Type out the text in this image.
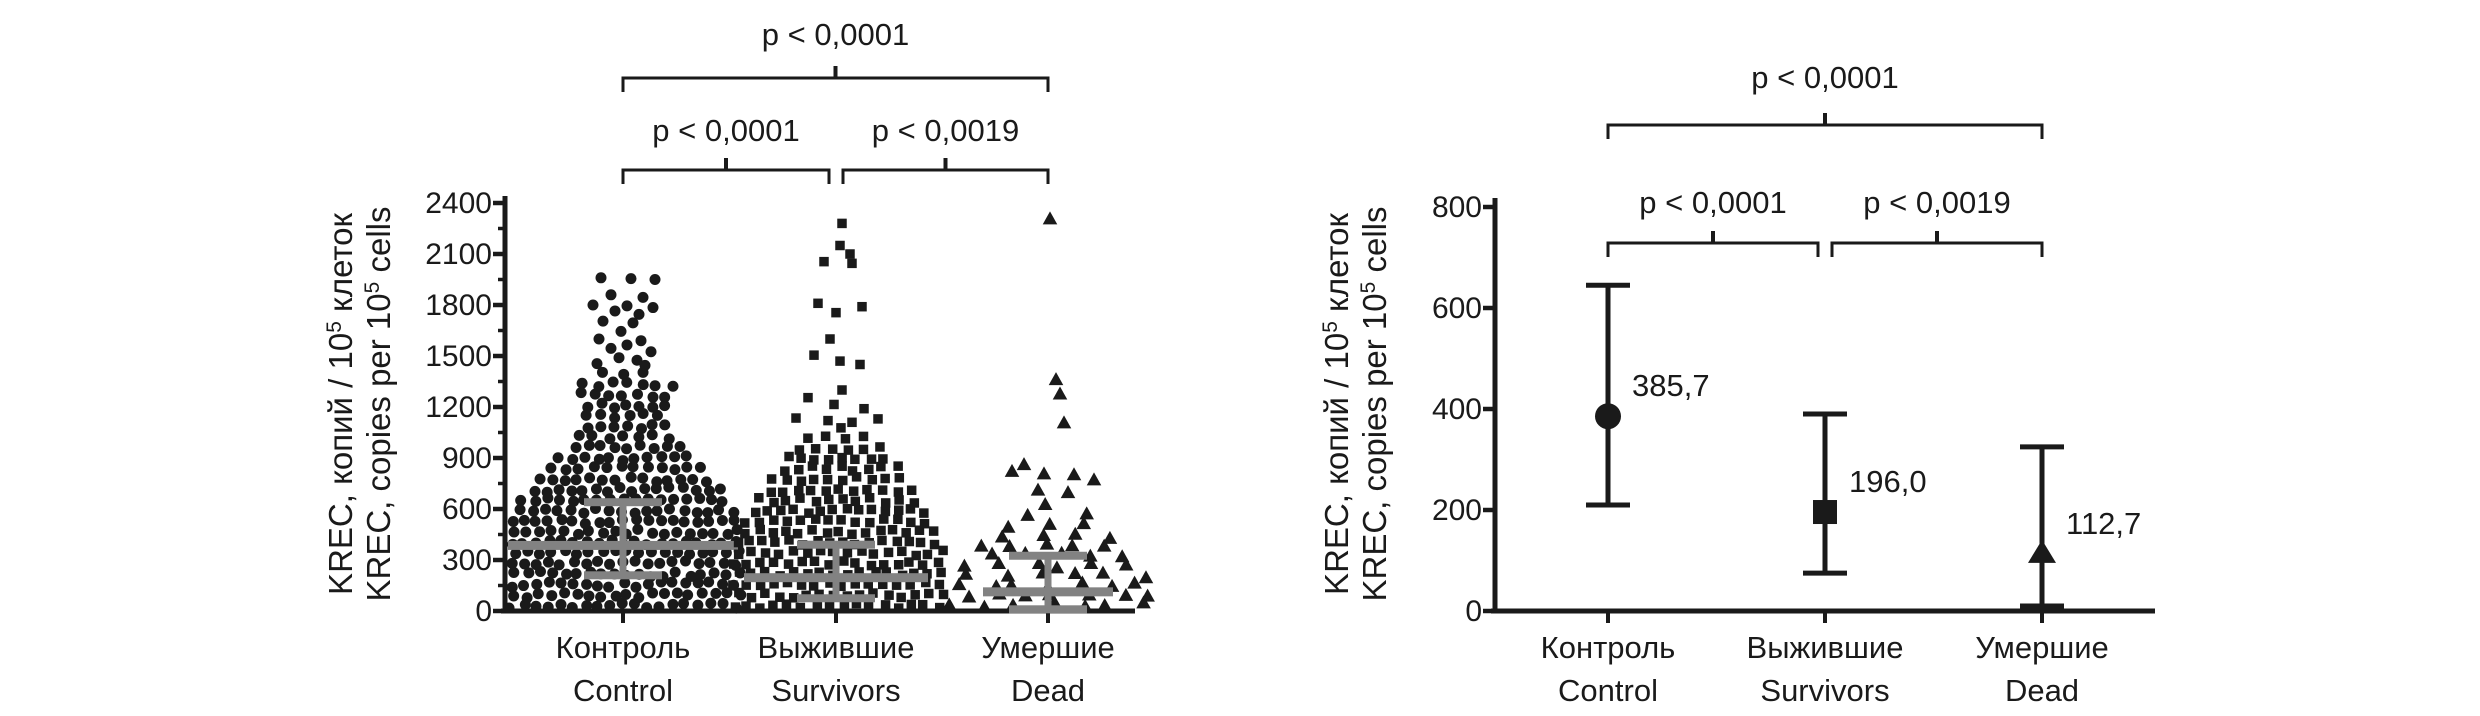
p < 0,0001
p < 0,0001 p < 0,0019
0
300
600
900
1200
1500
1800
2100
2400
KREC, копий / $10^5$ клеток
KREC, copies per $10^5$ cells
Контроль
Control
Выжившие
Survivors
Умершие
Dead
p < 0,0001
p < 0,0001 p < 0,0019
0
200
400
600
800
KREC, копий / $10^5$ клеток
KREC, copies per $10^5$ cells
Контроль
Control
Выжившие
Survivors
Умершие
Dead
385,7
196,0
112,7
